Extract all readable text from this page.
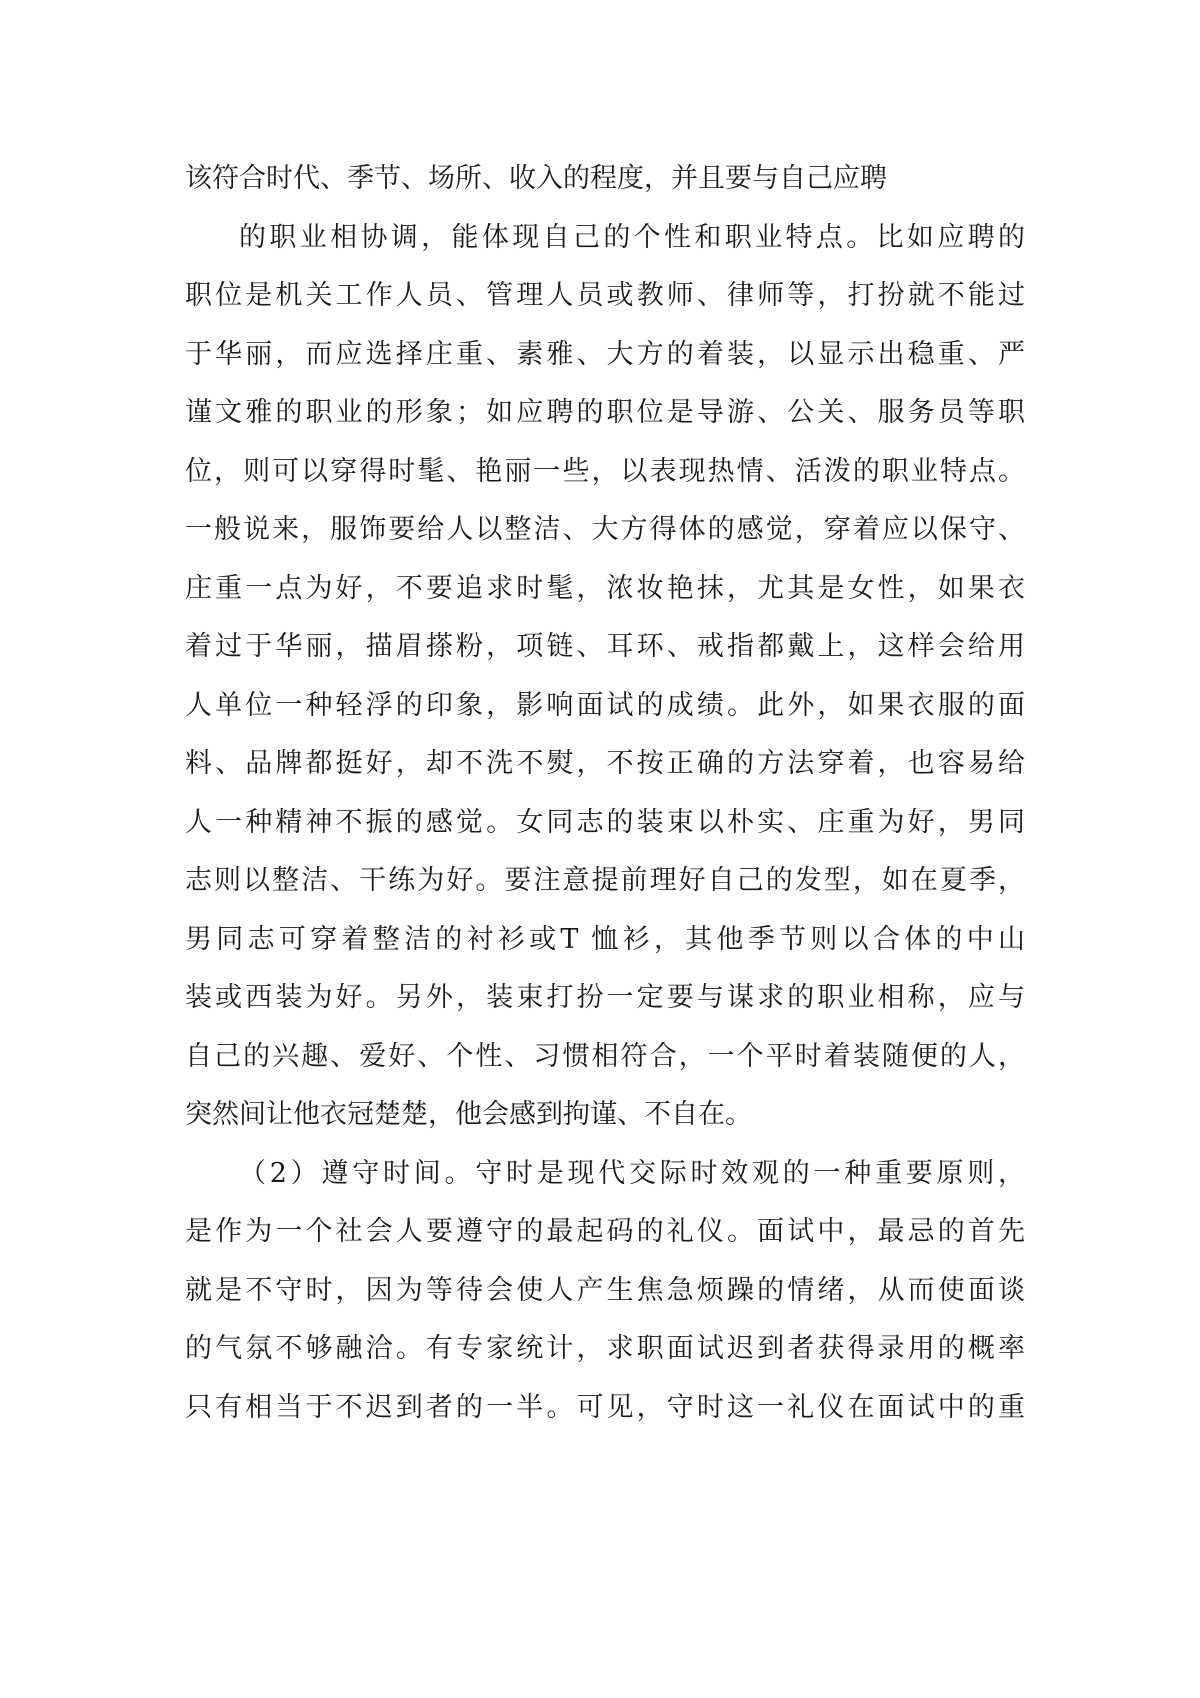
该符合时代、季节、场所、收入的程度，并且要与自己应聘
的职业相协调，能体现自己的个性和职业特点。比如应聘的
职位是机关工作人员、管理人员或教师、律师等，打扮就不能过
于华丽，而应选择庄重、素雅、大方的着装，以显示出稳重、严
谨文雅的职业的形象；如应聘的职位是导游、公关、服务员等职
位，则可以穿得时髦、艳丽一些，以表现热情、活泼的职业特点。
一般说来，服饰要给人以整洁、大方得体的感觉，穿着应以保守、
庄重一点为好，不要追求时髦，浓妆艳抹，尤其是女性，如果衣
着过于华丽，描眉搽粉，项链、耳环、戒指都戴上，这样会给用
人单位一种轻浮的印象，影响面试的成绩。此外，如果衣服的面
料、品牌都挺好，却不洗不熨，不按正确的方法穿着，也容易给
人一种精神不振的感觉。女同志的装束以朴实、庄重为好，男同
志则以整洁、干练为好。要注意提前理好自己的发型，如在夏季，
男同志可穿着整洁的衬衫或T 恤衫，其他季节则以合体的中山
装或西装为好。另外，装束打扮一定要与谋求的职业相称，应与
自己的兴趣、爱好、个性、习惯相符合，一个平时着装随便的人，
突然间让他衣冠楚楚，他会感到拘谨、不自在。
（2）遵守时间。守时是现代交际时效观的一种重要原则，
是作为一个社会人要遵守的最起码的礼仪。面试中，最忌的首先
就是不守时，因为等待会使人产生焦急烦躁的情绪，从而使面谈
的气氛不够融洽。有专家统计，求职面试迟到者获得录用的概率
只有相当于不迟到者的一半。可见，守时这一礼仪在面试中的重
